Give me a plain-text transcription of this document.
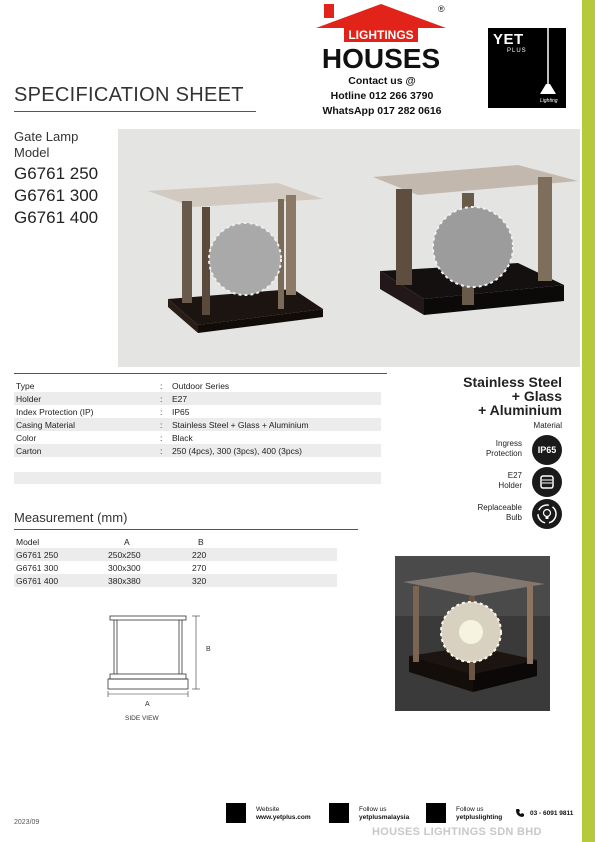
SPECIFICATION SHEET
LIGHTINGS
HOUSES
®
Contact us @
Hotline 012 266 3790
WhatsApp 017 282 0616
YET
PLUS
Lighting
Gate Lamp
Model
G6761 250
G6761 300
G6761 400
Type	:	Outdoor Series
Holder	:	E27
Index Protection (IP)	:	IP65
Casing Material	:	Stainless Steel + Glass + Aluminium
Color	:	Black
Carton	:	250 (4pcs), 300 (3pcs), 400 (3pcs)
Stainless Steel
+ Glass
+ Aluminium
Material
Ingress
Protection	IP65
E27
Holder
Replaceable
Bulb
Measurement (mm)
Model	A	B
G6761 250	250x250	220
G6761 300	300x300	270
G6761 400	380x380	320
B
A
SIDE VIEW
Website
www.yetplus.com
Follow us
yetplusmalaysia
Follow us
yetpluslighting
03 - 6091 9811
2023/09
HOUSES LIGHTINGS SDN BHD
